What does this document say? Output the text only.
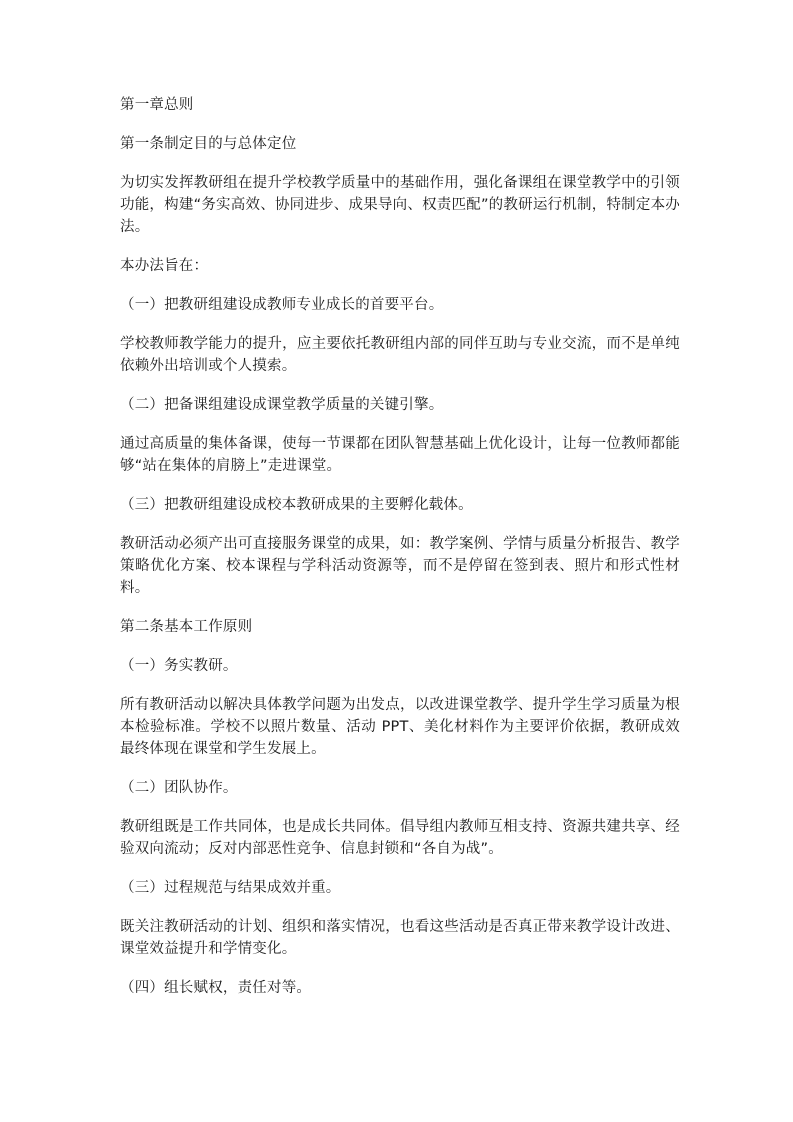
第一章总则

第一条制定目的与总体定位

为切实发挥教研组在提升学校教学质量中的基础作用，强化备课组在课堂教学中的引领功能，构建“务实高效、协同进步、成果导向、权责匹配”的教研运行机制，特制定本办法。

本办法旨在：

（一）把教研组建设成教师专业成长的首要平台。

学校教师教学能力的提升，应主要依托教研组内部的同伴互助与专业交流，而不是单纯依赖外出培训或个人摸索。

（二）把备课组建设成课堂教学质量的关键引擎。

通过高质量的集体备课，使每一节课都在团队智慧基础上优化设计，让每一位教师都能够“站在集体的肩膀上”走进课堂。

（三）把教研组建设成校本教研成果的主要孵化载体。

教研活动必须产出可直接服务课堂的成果，如：教学案例、学情与质量分析报告、教学策略优化方案、校本课程与学科活动资源等，而不是停留在签到表、照片和形式性材料。

第二条基本工作原则

（一）务实教研。

所有教研活动以解决具体教学问题为出发点，以改进课堂教学、提升学生学习质量为根本检验标准。学校不以照片数量、活动 PPT、美化材料作为主要评价依据，教研成效最终体现在课堂和学生发展上。

（二）团队协作。

教研组既是工作共同体，也是成长共同体。倡导组内教师互相支持、资源共建共享、经验双向流动；反对内部恶性竞争、信息封锁和“各自为战”。

（三）过程规范与结果成效并重。

既关注教研活动的计划、组织和落实情况，也看这些活动是否真正带来教学设计改进、课堂效益提升和学情变化。

（四）组长赋权，责任对等。
